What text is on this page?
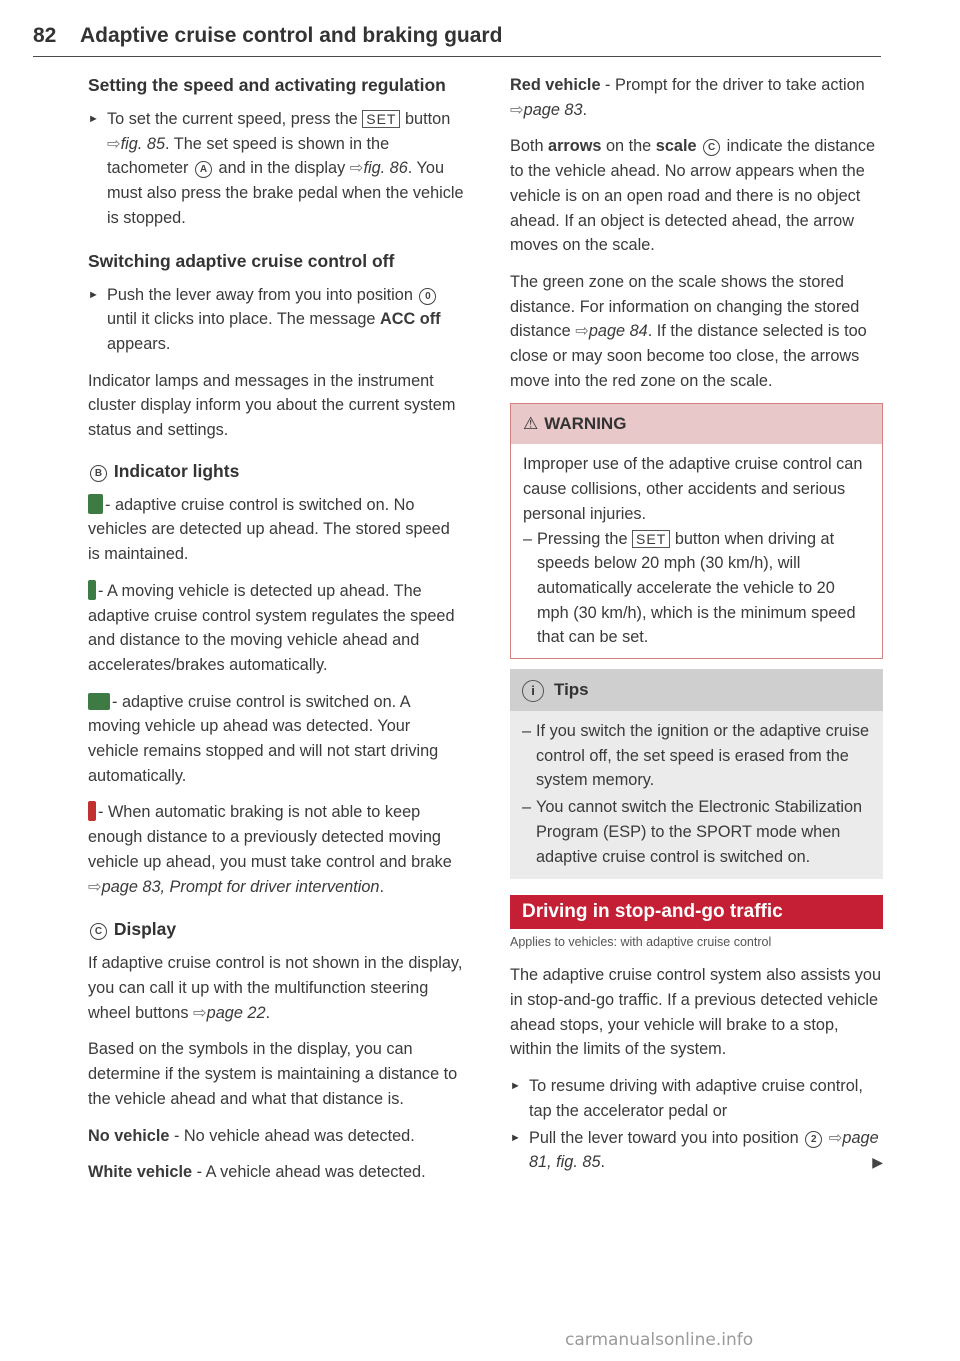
82 Adaptive cruise control and braking guard
Setting the speed and activating regulation
► To set the current speed, press the SET button ⇨fig. 85. The set speed is shown in the tachometer A and in the display ⇨fig. 86. You must also press the brake pedal when the vehicle is stopped.
Switching adaptive cruise control off
► Push the lever away from you into position 0 until it clicks into place. The message ACC off appears.

Indicator lamps and messages in the instrument cluster display inform you about the current system status and settings.

B Indicator lights

- adaptive cruise control is switched on. No vehicles are detected up ahead. The stored speed is maintained.

- A moving vehicle is detected up ahead. The adaptive cruise control system regulates the speed and distance to the moving vehicle ahead and accelerates/brakes automatically.

- adaptive cruise control is switched on. A moving vehicle up ahead was detected. Your vehicle remains stopped and will not start driving automatically.

- When automatic braking is not able to keep enough distance to a previously detected moving vehicle up ahead, you must take control and brake ⇨page 83, Prompt for driver intervention.

C Display

If adaptive cruise control is not shown in the display, you can call it up with the multifunction steering wheel buttons ⇨page 22.

Based on the symbols in the display, you can determine if the system is maintaining a distance to the vehicle ahead and what that distance is.

No vehicle - No vehicle ahead was detected.

White vehicle - A vehicle ahead was detected.

Red vehicle - Prompt for the driver to take action ⇨page 83.

Both arrows on the scale C indicate the distance to the vehicle ahead. No arrow appears when the vehicle is on an open road and there is no object ahead. If an object is detected ahead, the arrow moves on the scale.

The green zone on the scale shows the stored distance. For information on changing the stored distance ⇨page 84. If the distance selected is too close or may soon become too close, the arrows move into the red zone on the scale.

⚠ WARNING

Improper use of the adaptive cruise control can cause collisions, other accidents and serious personal injuries.

– Pressing the SET button when driving at speeds below 20 mph (30 km/h), will automatically accelerate the vehicle to 20 mph (30 km/h), which is the minimum speed that can be set.

i Tips

– If you switch the ignition or the adaptive cruise control off, the set speed is erased from the system memory.

– You cannot switch the Electronic Stabilization Program (ESP) to the SPORT mode when adaptive cruise control is switched on.

Driving in stop-and-go traffic
Applies to vehicles: with adaptive cruise control

The adaptive cruise control system also assists you in stop-and-go traffic. If a previous detected vehicle ahead stops, your vehicle will brake to a stop, within the limits of the system.

► To resume driving with adaptive cruise control, tap the accelerator pedal or
► Pull the lever toward you into position 2 ⇨page 81, fig. 85.	▶
carmanualsonline.info
